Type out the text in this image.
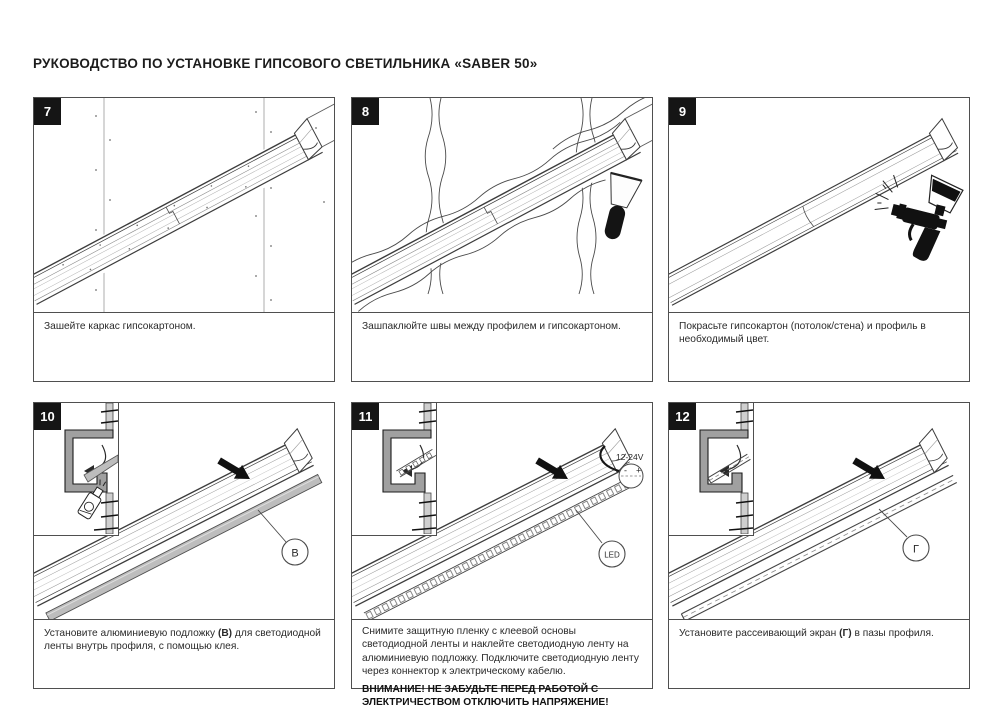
РУКОВОДСТВО ПО УСТАНОВКЕ ГИПСОВОГО СВЕТИЛЬНИКА «SABER 50»
7

Зашейте каркас гипсокартоном.

8

Зашпаклюйте швы между профилем и гипсокартоном.

9

Покрасьте гипсокартон (потолок/стена) и профиль в необходимый цвет.

10
В

Установите алюминиевую подложку (В) для светодиодной ленты внутрь профиля, с помощью клея.

11
12-24V
- +
LED

Снимите защитную пленку с клеевой основы светодиодной ленты и наклейте светодиодную ленту на алюминиевую подложку. Подключите светодиодную ленту через коннектор к электрическому кабелю.

ВНИМАНИЕ! НЕ ЗАБУДЬТЕ ПЕРЕД РАБОТОЙ С ЭЛЕКТРИЧЕСТВОМ ОТКЛЮЧИТЬ НАПРЯЖЕНИЕ!

12
Г

Установите рассеивающий экран (Г) в пазы профиля.
